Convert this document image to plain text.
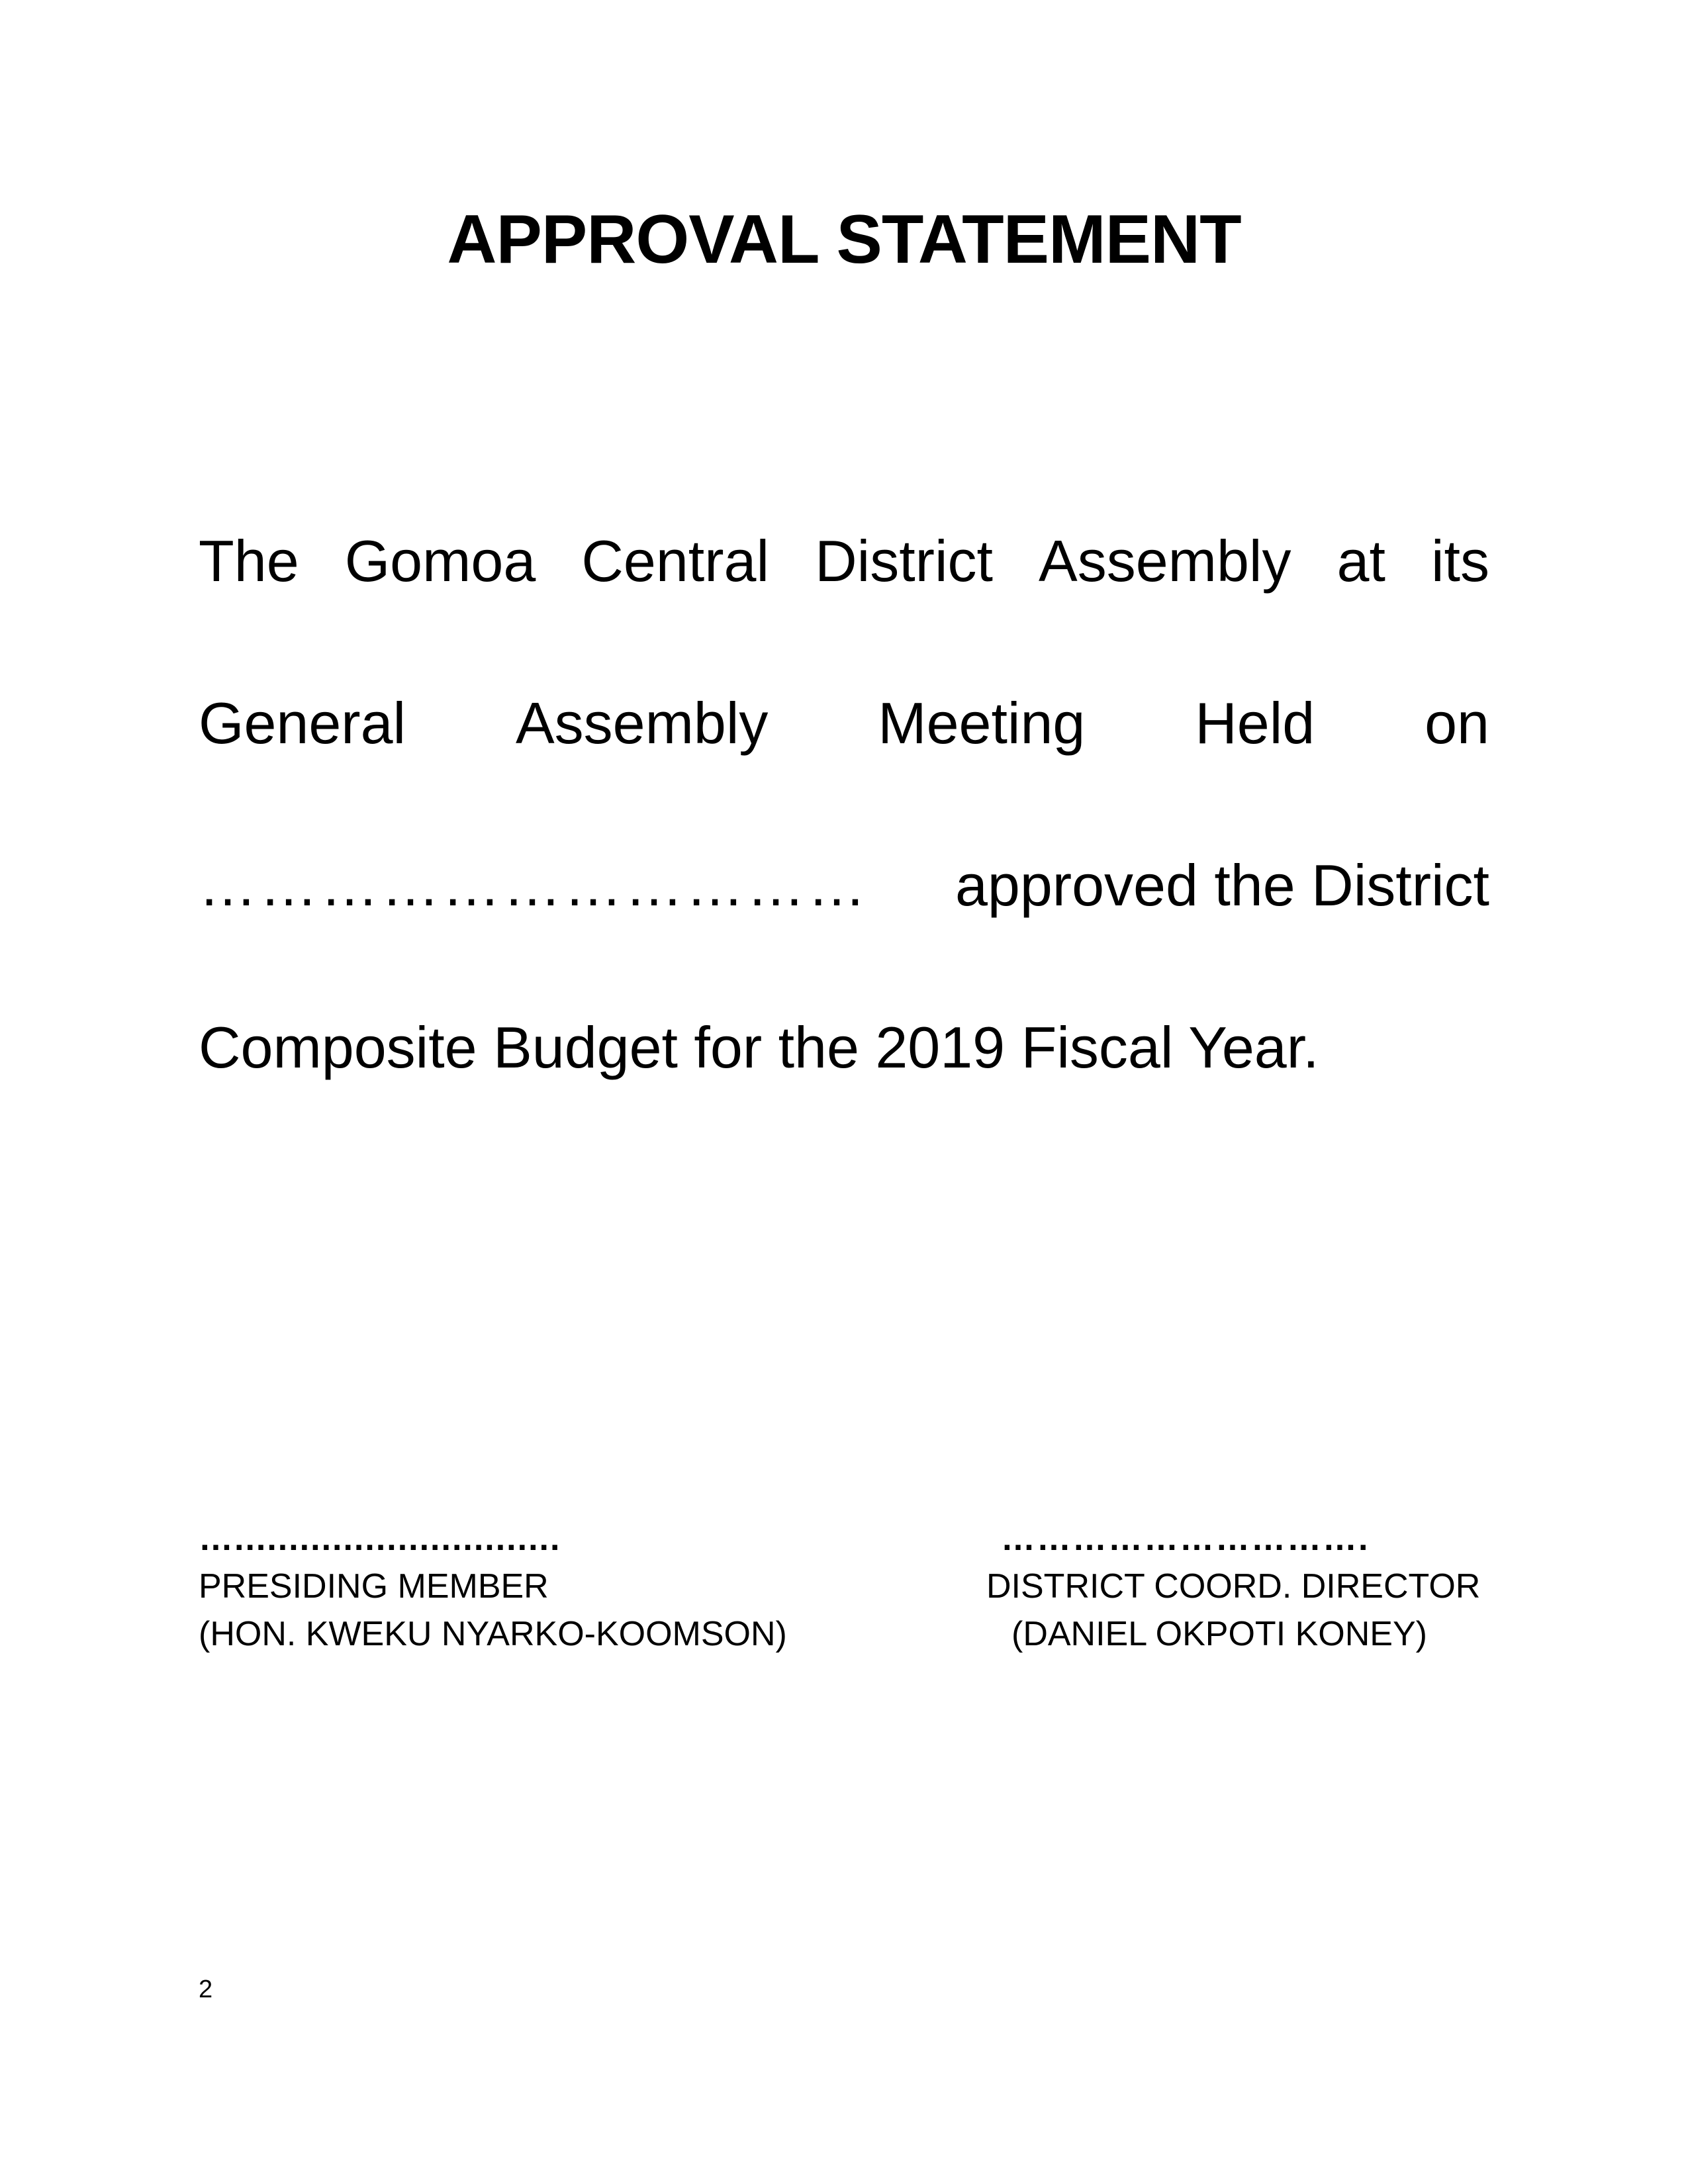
APPROVAL STATEMENT
The Gomoa Central District Assembly at its
General Assembly Meeting Held on
…………………………… approved the District
Composite Budget for the 2019 Fiscal Year.
…..............................
PRESIDING MEMBER
(HON. KWEKU NYARKO-KOOMSON)
………………………….
DISTRICT COORD. DIRECTOR
(DANIEL OKPOTI KONEY)
2
